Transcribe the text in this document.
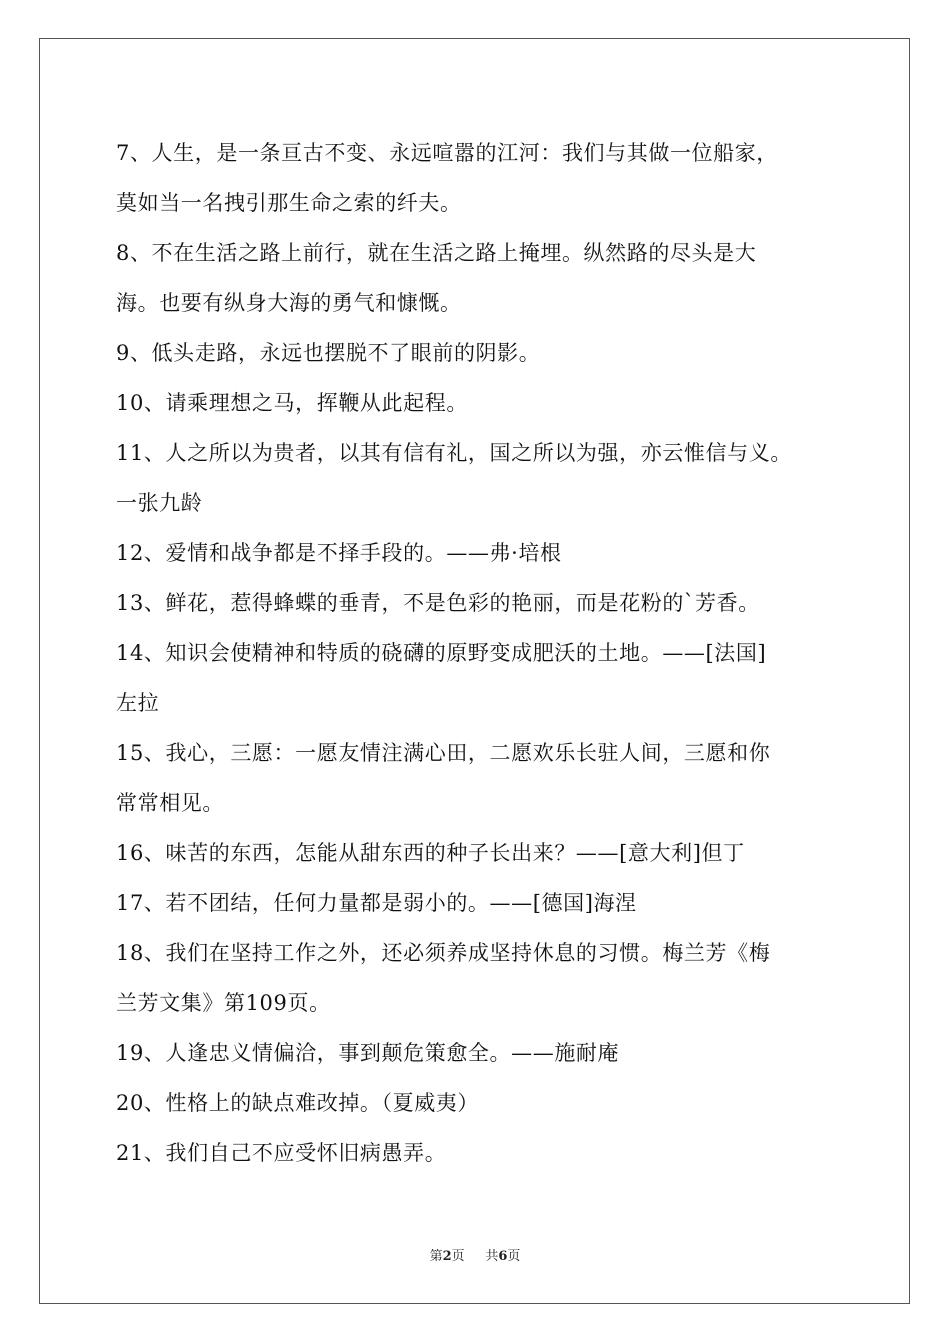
7、人生，是一条亘古不变、永远喧嚣的江河：我们与其做一位船家，
莫如当一名拽引那生命之索的纤夫。
8、不在生活之路上前行，就在生活之路上掩埋。纵然路的尽头是大
海。也要有纵身大海的勇气和慷慨。
9、低头走路，永远也摆脱不了眼前的阴影。
10、请乘理想之马，挥鞭从此起程。
11、人之所以为贵者，以其有信有礼，国之所以为强，亦云惟信与义。
一张九龄
12、爱情和战争都是不择手段的。——弗·培根
13、鲜花，惹得蜂蝶的垂青，不是色彩的艳丽，而是花粉的`芳香。
14、知识会使精神和特质的硗礴的原野变成肥沃的土地。——[法国]
左拉
15、我心，三愿：一愿友情注满心田，二愿欢乐长驻人间，三愿和你
常常相见。
16、味苦的东西，怎能从甜东西的种子长出来？——[意大利]但丁
17、若不团结，任何力量都是弱小的。——[德国]海涅
18、我们在坚持工作之外，还必须养成坚持休息的习惯。梅兰芳《梅
兰芳文集》第109页。
19、人逢忠义情偏洽，事到颠危策愈全。——施耐庵
20、性格上的缺点难改掉。（夏威夷）
21、我们自己不应受怀旧病愚弄。
第2页 共6页
